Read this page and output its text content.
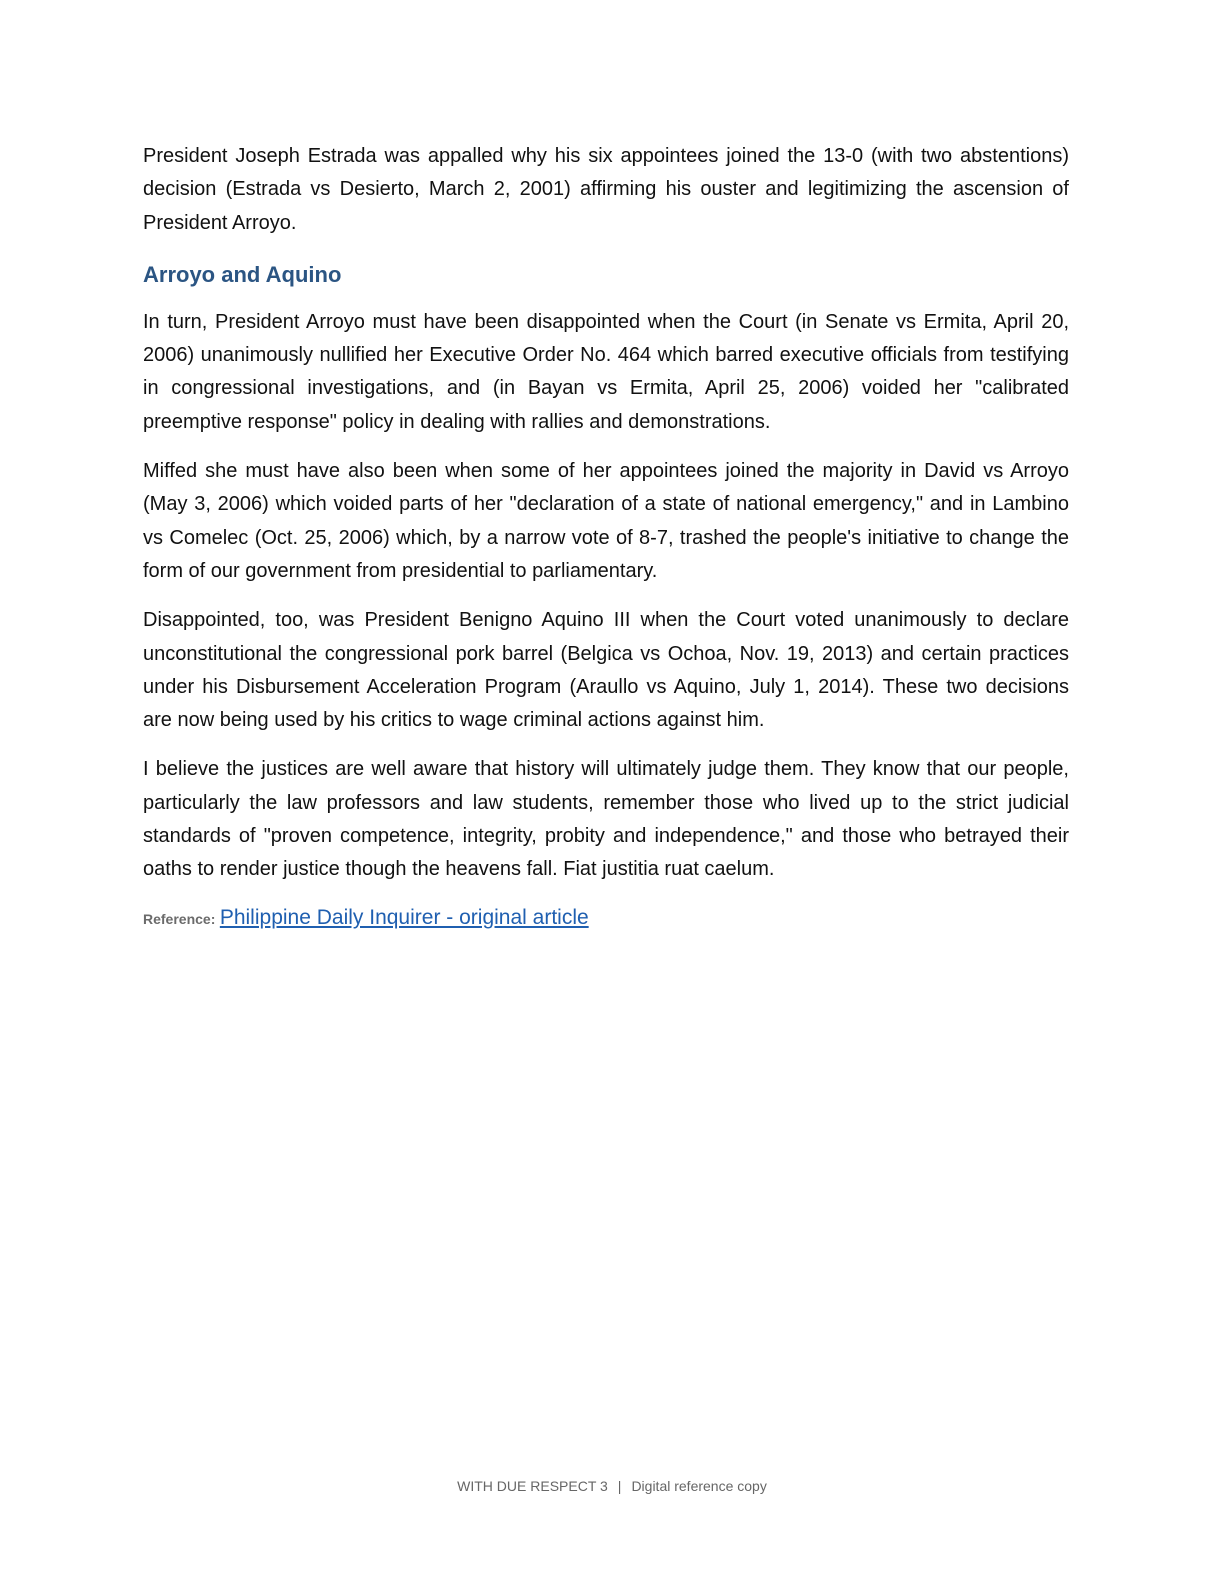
President Joseph Estrada was appalled why his six appointees joined the 13-0 (with two abstentions) decision (Estrada vs Desierto, March 2, 2001) affirming his ouster and legitimizing the ascension of President Arroyo.

Arroyo and Aquino

In turn, President Arroyo must have been disappointed when the Court (in Senate vs Ermita, April 20, 2006) unanimously nullified her Executive Order No. 464 which barred executive officials from testifying in congressional investigations, and (in Bayan vs Ermita, April 25, 2006) voided her "calibrated preemptive response" policy in dealing with rallies and demonstrations.

Miffed she must have also been when some of her appointees joined the majority in David vs Arroyo (May 3, 2006) which voided parts of her "declaration of a state of national emergency," and in Lambino vs Comelec (Oct. 25, 2006) which, by a narrow vote of 8-7, trashed the people's initiative to change the form of our government from presidential to parliamentary.

Disappointed, too, was President Benigno Aquino III when the Court voted unanimously to declare unconstitutional the congressional pork barrel (Belgica vs Ochoa, Nov. 19, 2013) and certain practices under his Disbursement Acceleration Program (Araullo vs Aquino, July 1, 2014). These two decisions are now being used by his critics to wage criminal actions against him.

I believe the justices are well aware that history will ultimately judge them. They know that our people, particularly the law professors and law students, remember those who lived up to the strict judicial standards of "proven competence, integrity, probity and independence," and those who betrayed their oaths to render justice though the heavens fall. Fiat justitia ruat caelum.

Reference: Philippine Daily Inquirer - original article
WITH DUE RESPECT 3 | Digital reference copy
